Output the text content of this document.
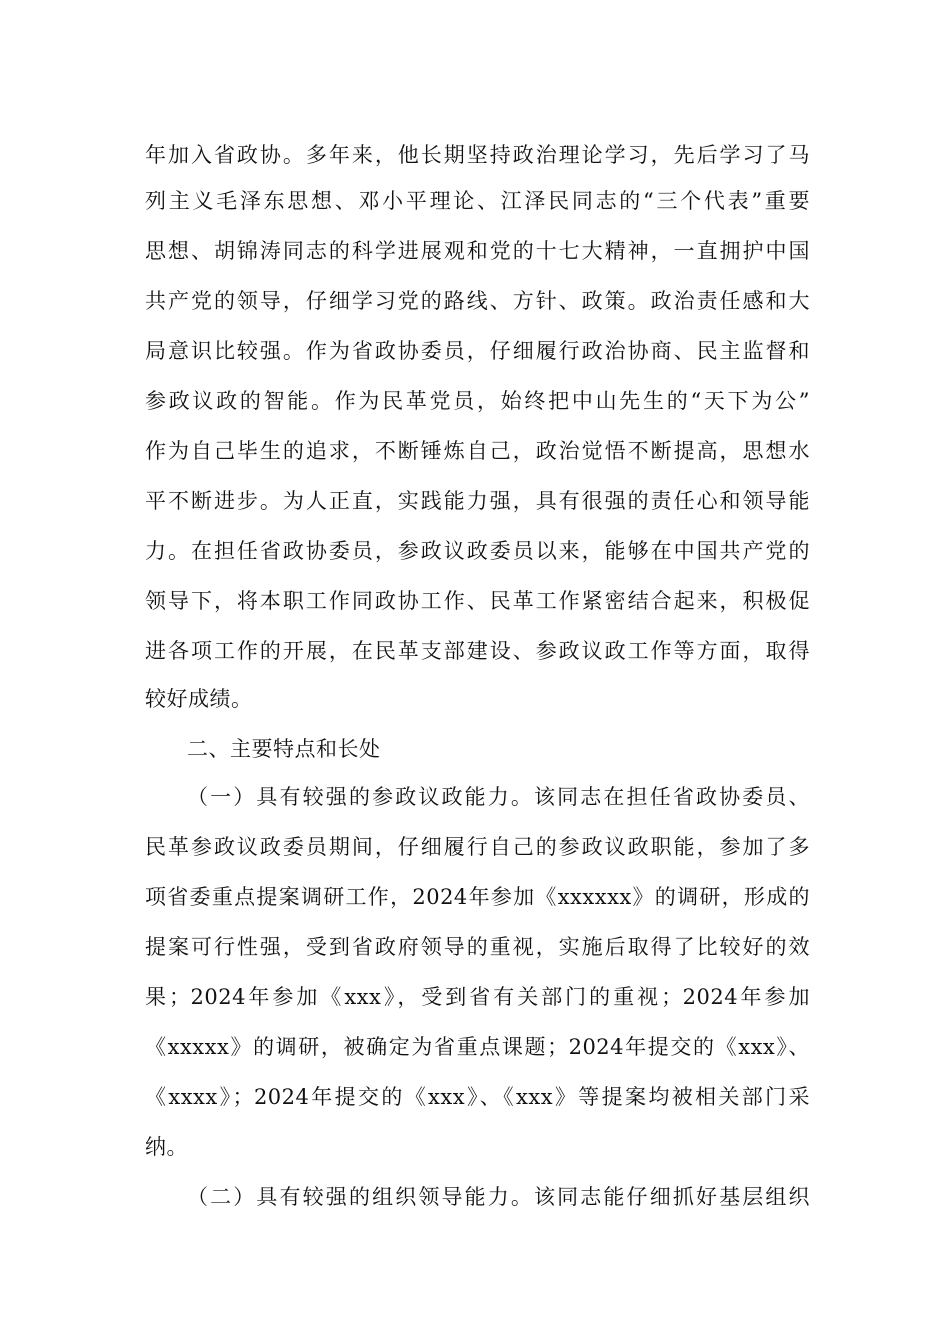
年加入省政协。多年来，他长期坚持政治理论学习，先后学习了马
列主义毛泽东思想、邓小平理论、江泽民同志的“三个代表”重要
思想、胡锦涛同志的科学进展观和党的十七大精神，一直拥护中国
共产党的领导，仔细学习党的路线、方针、政策。政治责任感和大
局意识比较强。作为省政协委员，仔细履行政治协商、民主监督和
参政议政的智能。作为民革党员，始终把中山先生的“天下为公”
作为自己毕生的追求，不断锤炼自己，政治觉悟不断提高，思想水
平不断进步。为人正直，实践能力强，具有很强的责任心和领导能
力。在担任省政协委员，参政议政委员以来，能够在中国共产党的
领导下，将本职工作同政协工作、民革工作紧密结合起来，积极促
进各项工作的开展，在民革支部建设、参政议政工作等方面，取得
较好成绩。
二、主要特点和长处
（一）具有较强的参政议政能力。该同志在担任省政协委员、
民革参政议政委员期间，仔细履行自己的参政议政职能，参加了多
项省委重点提案调研工作，2024年参加《xxxxxx》的调研，形成的
提案可行性强，受到省政府领导的重视，实施后取得了比较好的效
果；2024年参加《xxx》，受到省有关部门的重视；2024年参加
《xxxxx》的调研，被确定为省重点课题；2024年提交的《xxx》、
《xxxx》；2024年提交的《xxx》、《xxx》等提案均被相关部门采
纳。
（二）具有较强的组织领导能力。该同志能仔细抓好基层组织
